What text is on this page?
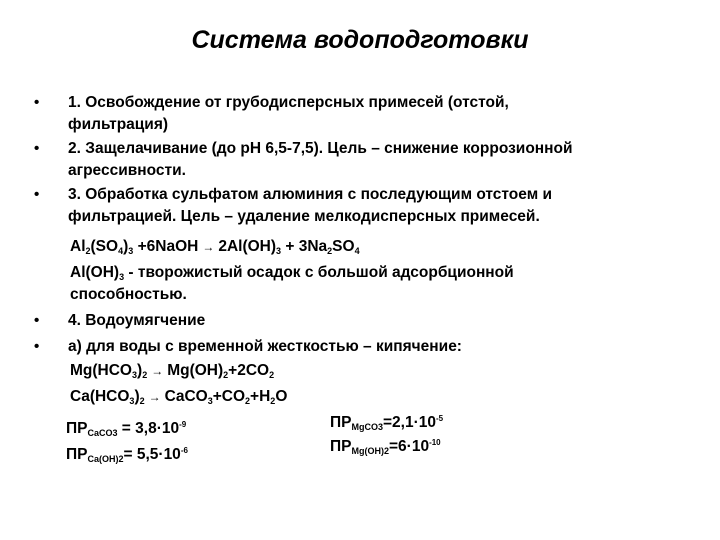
Система водоподготовки
• 1. Освобождение от грубодисперсных примесей (отстой,
фильтрация)
• 2. Защелачивание (до рН 6,5-7,5). Цель – снижение коррозионной
агрессивности.
• 3. Обработка сульфатом алюминия с последующим отстоем и
фильтрацией. Цель – удаление мелкодисперсных примесей.
$Al_2(SO_4)_3$ +6NaOH → $2Al(OH)_3 + 3Na_2SO_4$
$Al(OH)_3$ - творожистый осадок с большой адсорбционной
способностью.
• 4. Водоумягчение
• а) для воды с временной жесткостью – кипячение:
$Mg(HCO_3)_2 \to Mg(OH)_2+2CO_2$
$Ca(HCO_3)_2$ → $CaCO_3+CO_2+H_2O$
$ПР_{CaCO3} = 3,8\cdot 10^{-9}$
$ПР_{Ca(OH)2}= 5,5\cdot 10^{-6}$
$ПР_{MgCO3}=2,1\cdot 10^{-5}$
$ПР_{Mg(OH)2}=6\cdot 10^{-10}$
